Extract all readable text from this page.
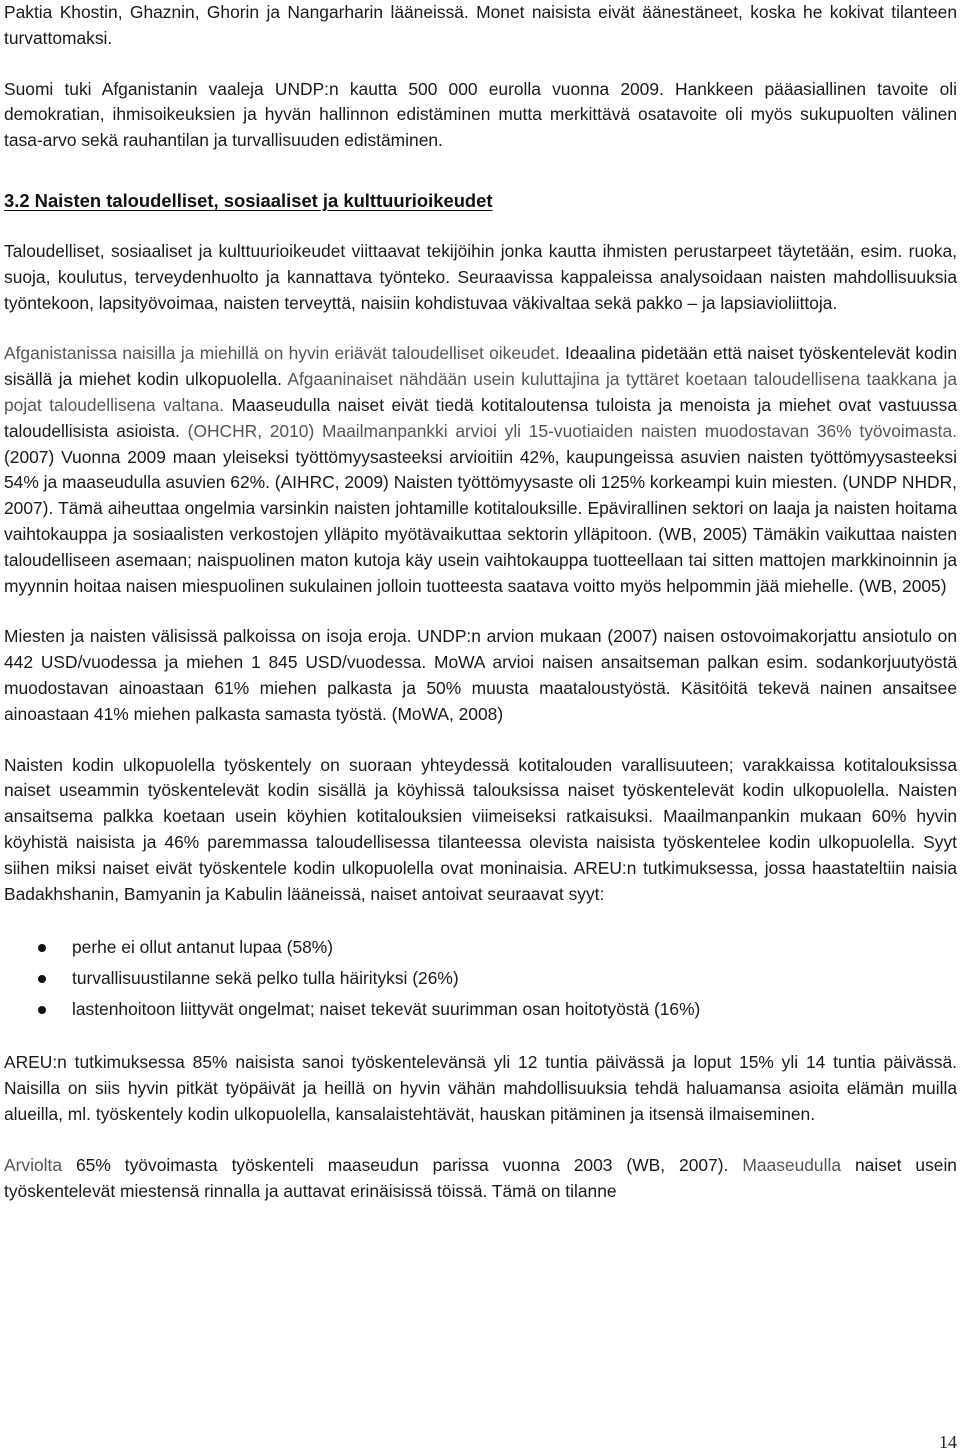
Paktia Khostin, Ghaznin, Ghorin ja Nangarharin lääneissä. Monet naisista eivät äänestäneet, koska he kokivat tilanteen turvattomaksi.

Suomi tuki Afganistanin vaaleja UNDP:n kautta 500 000 eurolla vuonna 2009. Hankkeen pääasiallinen tavoite oli demokratian, ihmisoikeuksien ja hyvän hallinnon edistäminen mutta merkittävä osatavoite oli myös sukupuolten välinen tasa-arvo sekä rauhantilan ja turvallisuuden edistäminen.

3.2 Naisten taloudelliset, sosiaaliset ja kulttuurioikeudet

Taloudelliset, sosiaaliset ja kulttuurioikeudet viittaavat tekijöihin jonka kautta ihmisten perustarpeet täytetään, esim. ruoka, suoja, koulutus, terveydenhuolto ja kannattava työnteko. Seuraavissa kappaleissa analysoidaan naisten mahdollisuuksia työntekoon, lapsityövoimaa, naisten terveyttä, naisiin kohdistuvaa väkivaltaa sekä pakko – ja lapsiavioliittoja.

Afganistanissa naisilla ja miehillä on hyvin eriävät taloudelliset oikeudet. Ideaalina pidetään että naiset työskentelevät kodin sisällä ja miehet kodin ulkopuolella. Afgaaninaiset nähdään usein kuluttajina ja tyttäret koetaan taloudellisena taakkana ja pojat taloudellisena valtana. Maaseudulla naiset eivät tiedä kotitaloutensa tuloista ja menoista ja miehet ovat vastuussa taloudellisista asioista. (OHCHR, 2010) Maailmanpankki arvioi yli 15-vuotiaiden naisten muodostavan 36% työvoimasta. (2007) Vuonna 2009 maan yleiseksi työttömyysasteeksi arvioitiin 42%, kaupungeissa asuvien naisten työttömyysasteeksi 54% ja maaseudulla asuvien 62%. (AIHRC, 2009) Naisten työttömyysaste oli 125% korkeampi kuin miesten. (UNDP NHDR, 2007). Tämä aiheuttaa ongelmia varsinkin naisten johtamille kotitalouksille. Epävirallinen sektori on laaja ja naisten hoitama vaihtokauppa ja sosiaalisten verkostojen ylläpito myötävaikuttaa sektorin ylläpitoon. (WB, 2005) Tämäkin vaikuttaa naisten taloudelliseen asemaan; naispuolinen maton kutoja käy usein vaihtokauppa tuotteellaan tai sitten mattojen markkinoinnin ja myynnin hoitaa naisen miespuolinen sukulainen jolloin tuotteesta saatava voitto myös helpommin jää miehelle. (WB, 2005)

Miesten ja naisten välisissä palkoissa on isoja eroja. UNDP:n arvion mukaan (2007) naisen ostovoimakorjattu ansiotulo on 442 USD/vuodessa ja miehen 1 845 USD/vuodessa. MoWA arvioi naisen ansaitseman palkan esim. sodankorjuutyöstä muodostavan ainoastaan 61% miehen palkasta ja 50% muusta maataloustyöstä. Käsitöitä tekevä nainen ansaitsee ainoastaan 41% miehen palkasta samasta työstä. (MoWA, 2008)

Naisten kodin ulkopuolella työskentely on suoraan yhteydessä kotitalouden varallisuuteen; varakkaissa kotitalouksissa naiset useammin työskentelevät kodin sisällä ja köyhissä talouksissa naiset työskentelevät kodin ulkopuolella. Naisten ansaitsema palkka koetaan usein köyhien kotitalouksien viimeiseksi ratkaisuksi. Maailmanpankin mukaan 60% hyvin köyhistä naisista ja 46% paremmassa taloudellisessa tilanteessa olevista naisista työskentelee kodin ulkopuolella. Syyt siihen miksi naiset eivät työskentele kodin ulkopuolella ovat moninaisia. AREU:n tutkimuksessa, jossa haastateltiin naisia Badakhshanin, Bamyanin ja Kabulin lääneissä, naiset antoivat seuraavat syyt:

perhe ei ollut antanut lupaa (58%)
turvallisuustilanne sekä pelko tulla häirityksi (26%)
lastenhoitoon liittyvät ongelmat; naiset tekevät suurimman osan hoitotyöstä (16%)

AREU:n tutkimuksessa 85% naisista sanoi työskentelevänsä yli 12 tuntia päivässä ja loput 15% yli 14 tuntia päivässä. Naisilla on siis hyvin pitkät työpäivät ja heillä on hyvin vähän mahdollisuuksia tehdä haluamansa asioita elämän muilla alueilla, ml. työskentely kodin ulkopuolella, kansalaistehtävät, hauskan pitäminen ja itsensä ilmaiseminen.

Arviolta 65% työvoimasta työskenteli maaseudun parissa vuonna 2003 (WB, 2007). Maaseudulla naiset usein työskentelevät miestensä rinnalla ja auttavat erinäisissä töissä. Tämä on tilanne

14
